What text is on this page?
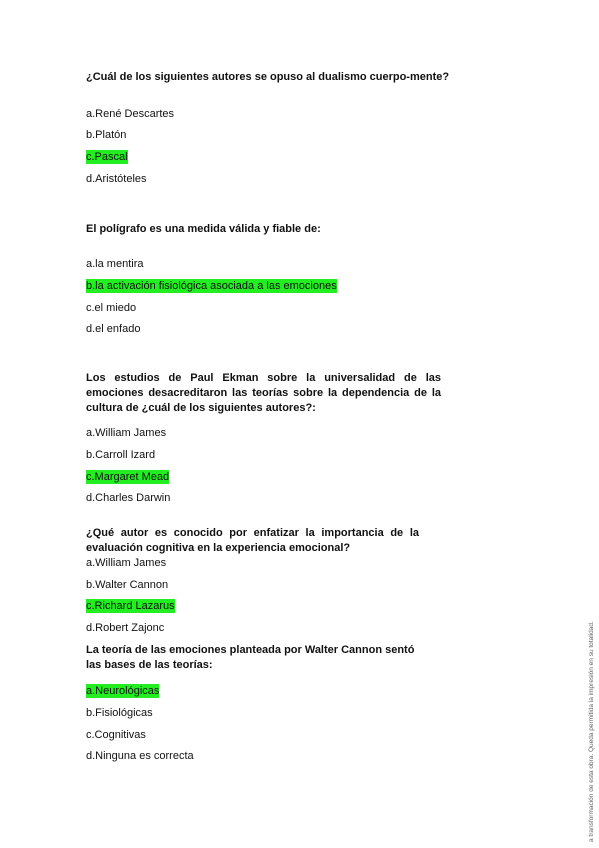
¿Cuál de los siguientes autores se opuso al dualismo cuerpo-mente?
a.René Descartes
b.Platón
c.Pascal
d.Aristóteles
El polígrafo es una medida válida y fiable de:
a.la mentira
b.la activación fisiológica asociada a las emociones
c.el miedo
d.el enfado
Los estudios de Paul Ekman sobre la universalidad de las emociones desacreditaron las teorías sobre la dependencia de la cultura de ¿cuál de los siguientes autores?:
a.William James
b.Carroll Izard
c.Margaret Mead
d.Charles Darwin
¿Qué autor es conocido por enfatizar la importancia de la evaluación cognitiva en la experiencia emocional?
a.William James
b.Walter Cannon
c.Richard Lazarus
d.Robert Zajonc
La teoría de las emociones planteada por Walter Cannon sentó las bases de las teorías:
a.Neurológicas
b.Fisiológicas
c.Cognitivas
d.Ninguna es correcta	a transformación de esta obra. Queda permitida la impresión en su totalidad.
